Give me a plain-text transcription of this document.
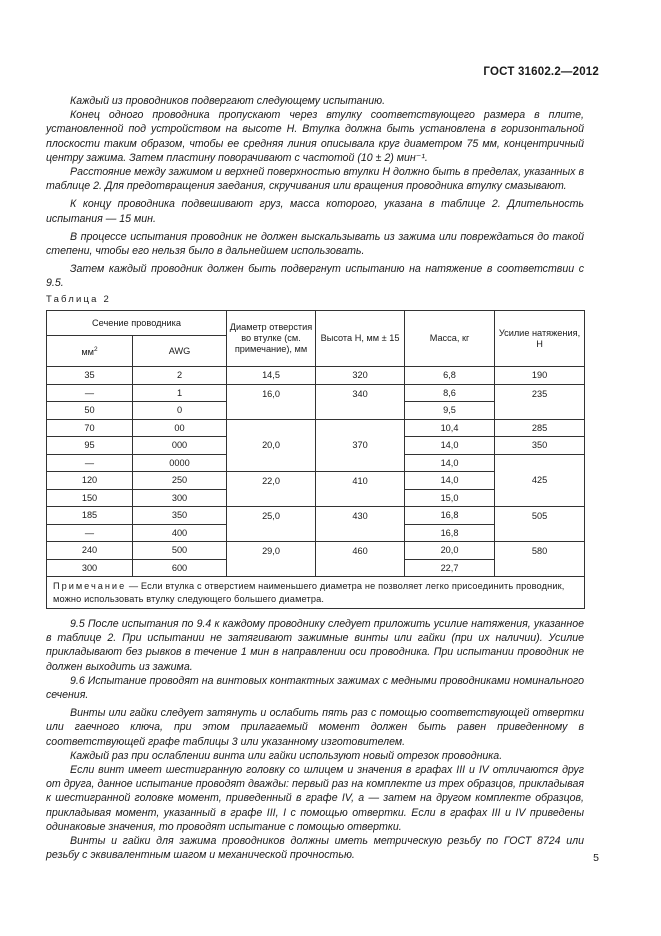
ГОСТ 31602.2—2012

Каждый из проводников подвергают следующему испытанию.

Конец одного проводника пропускают через втулку соответствующего размера в плите, установленной под устройством на высоте Н. Втулка должна быть установлена в горизонтальной плоскости таким образом, чтобы ее средняя линия описывала круг диаметром 75 мм, концентричный центру зажима. Затем пластину поворачивают с частотой (10 ± 2) мин⁻¹.

Расстояние между зажимом и верхней поверхностью втулки Н должно быть в пределах, указанных в таблице 2. Для предотвращения заедания, скручивания или вращения проводника втулку смазывают.

К концу проводника подвешивают груз, масса которого, указана в таблице 2. Длительность испытания — 15 мин.

В процессе испытания проводник не должен выскальзывать из зажима или повреждаться до такой степени, чтобы его нельзя было в дальнейшем использовать.

Затем каждый проводник должен быть подвергнут испытанию на натяжение в соответствии с 9.5.

Таблица 2
Сечение проводника		Диаметр отверстия во втулке (см. примечание), мм	Высота Н, мм ± 15	Масса, кг	Усилие натяжения, Н
$мм^2$	AWG				
35	2	14,5	320	6,8	190
—	1	16,0	340	8,6	235
50	0			9,5	
70	00	20,0	370	10,4	285
95	000			14,0	350
—	0000			14,0	425
120	250	22,0	410	14,0	
150	300			15,0	
185	350	25,0	430	16,8	505
—	400			16,8	
240	500	29,0	460	20,0	580
300	600			22,7	
Примечание — Если втулка с отверстием наименьшего диаметра не позволяет легко присоединить проводник, можно использовать втулку следующего большего диаметра.					

9.5 После испытания по 9.4 к каждому проводнику следует приложить усилие натяжения, указанное в таблице 2. При испытании не затягивают зажимные винты или гайки (при их наличии). Усилие прикладывают без рывков в течение 1 мин в направлении оси проводника. При испытании проводник не должен выходить из зажима.

9.6 Испытание проводят на винтовых контактных зажимах с медными проводниками номинального сечения.

Винты или гайки следует затянуть и ослабить пять раз с помощью соответствующей отвертки или гаечного ключа, при этом прилагаемый момент должен быть равен приведенному в соответствующей графе таблицы 3 или указанному изготовителем.

Каждый раз при ослаблении винта или гайки используют новый отрезок проводника.

Если винт имеет шестигранную головку со шлицем и значения в графах III и IV отличаются друг от друга, данное испытание проводят дважды: первый раз на комплекте из трех образцов, прикладывая к шестигранной головке момент, приведенный в графе IV, а — затем на другом комплекте образцов, прикладывая момент, указанный в графе III, I с помощью отвертки. Если в графах III и IV приведены одинаковые значения, то проводят испытание с помощью отвертки.

Винты и гайки для зажима проводников должны иметь метрическую резьбу по ГОСТ 8724 или резьбу с эквивалентным шагом и механической прочностью.	5
